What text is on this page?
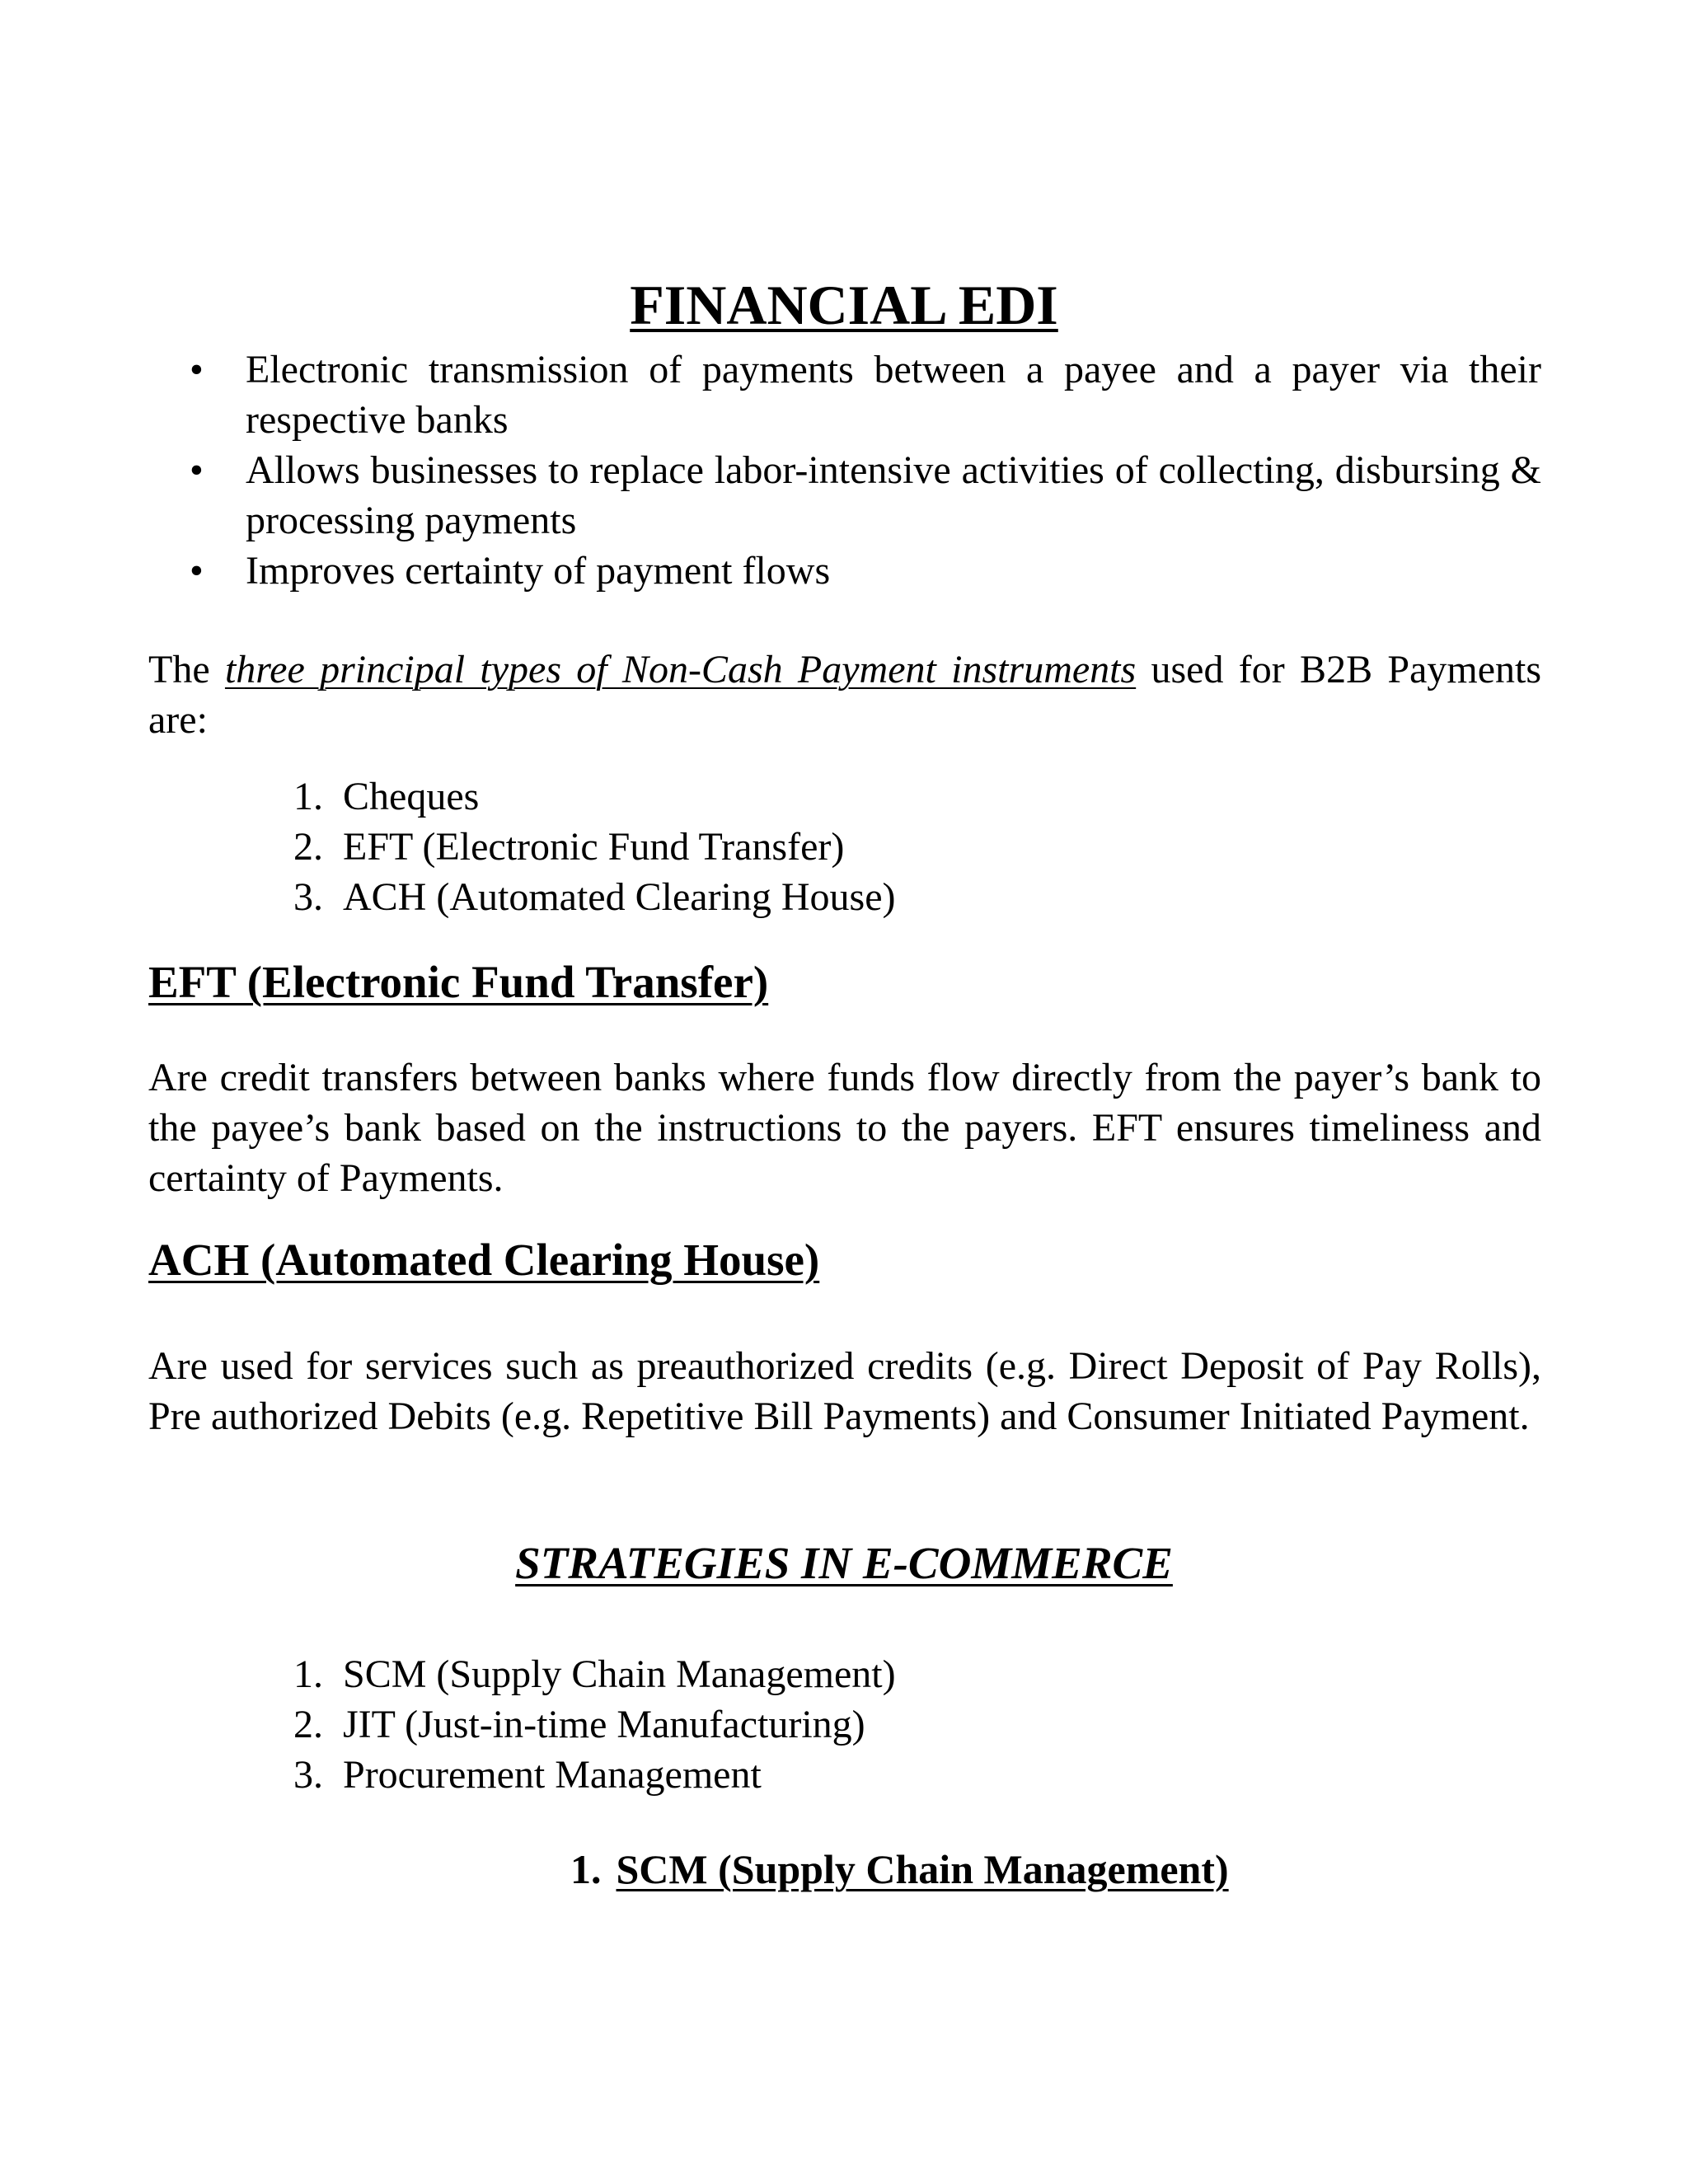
FINANCIAL EDI
• Electronic transmission of payments between a payee and a payer via their respective banks
• Allows businesses to replace labor-intensive activities of collecting, disbursing & processing payments
• Improves certainty of payment flows

The three principal types of Non-Cash Payment instruments used for B2B Payments are:

1. Cheques
2. EFT (Electronic Fund Transfer)
3. ACH (Automated Clearing House)
EFT (Electronic Fund Transfer)

Are credit transfers between banks where funds flow directly from the payer’s bank to the payee’s bank based on the instructions to the payers. EFT ensures timeliness and certainty of Payments.

ACH (Automated Clearing House)

Are used for services such as preauthorized credits (e.g. Direct Deposit of Pay Rolls), Pre authorized Debits (e.g. Repetitive Bill Payments) and Consumer Initiated Payment.

STRATEGIES IN E-COMMERCE
1. SCM (Supply Chain Management)
2. JIT (Just-in-time Manufacturing)
3. Procurement Management
1. SCM (Supply Chain Management)
